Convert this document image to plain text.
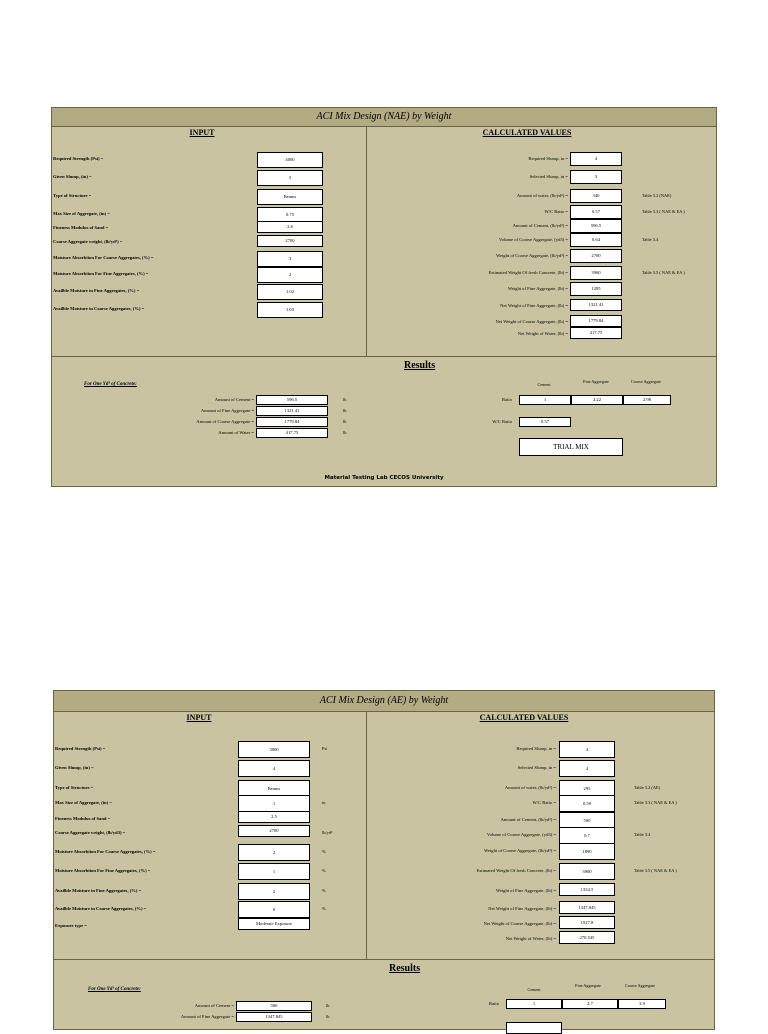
ACI Mix Design (NAE) by Weight
INPUT	CALCULATED VALUES
Required Strength (Psi) =	4000
Given Slump, (in) =	3
Type of Structure =	Beams
Max Size of Aggregate, (in) =	0.75
Fineness Modulus of Sand =	2.6
Coarse Aggregate weight, (lb/yd³) =	2700
Moisture Absorbtion For Coarse Aggregates, (%) =	3
Moisture Absorbtion For Fine Aggregates, (%) =	2
Availble Moisture in Fine Aggregates, (%) =	1.02
Availble Moisture in Coarse Aggregates, (%) =	1.03
Required Slump, in =	4
Selected Slump, in =	3
Amount of water, (lb/yd³) =	340	Table 3.2 (NAE)
W/C Ratio =	0.57	Table 3.3 ( NAE & EA )
Amount of Cement, (lb/yd³) =	596.5
Volume of Coarse Aggregate, (yd3) =	0.64	Table 3.4
Weight of Coarse Aggregate, (lb/yd³) =	2700
Estimated Weight Of fresh Concrete, (lb) =	3960	Table 3.5 ( NAE & EA )
Weight of Fine Aggregate, (lb) =	1295
Net Weight of Fine Aggregate, (lb) =	1321.41
Net Weight of Coarse Aggregate, (lb) =	1779.84
Net Weight of Water, (lb) =	417.75
Results
For One Yd³ of Concrete:
Amount of Cement =	596.5	lb
Amount of Fine Aggregate =	1321.41	lb
Amount of Coarse Aggregate =	1779.84	lb
Amount of Water =	417.75	lb
Cement
Fine Aggregate	Coarse Aggregate
Ratio	1	2.22	2.98
W/C Ratio	0.57
TRIAL MIX
Material Testing Lab CECOS University
ACI Mix Design (AE) by Weight
INPUT	CALCULATED VALUES
Required Strength (Psi) =	3000	Psi
Given Slump, (in) =	4
Type of Structure =	Beams
Max Size of Aggregate, (in) =	1	in
Fineness Modulus of Sand =	2.5
Coarse Aggregate weight, (lb/yd3) =	2700	lb/yd³
Moisture Absorbtion For Coarse Aggregates, (%) =	2	%
Moisture Absorbtion For Fine Aggregates, (%) =	1	%
Availble Moisture in Fine Aggregates, (%) =	2	%
Availble Moisture in Coarse Aggregates, (%) =	0	%
Exposure type =	Moderate Exposure
Required Slump, in =	4
Selected Slump, in =	4
Amount of water, (lb/yd³) =	295	Table 3.2 (AE)
W/C Ratio =	0.59	Table 3.3 ( NAE & EA )
Amount of Cement, (lb/yd³) =	500
Volume of Coarse Aggregate, (yd3) =	0.7	Table 3.4
Weight of Coarse Aggregate, (lb/yd³) =	1890
Estimated Weight Of fresh Concrete, (lb) =	3900	Table 3.5 ( NAE & EA )
Weight of Fine Aggregate, (lb) =	1334.5
Net Weight of Fine Aggregate, (lb) =	1347.845
Net Weight of Coarse Aggregate, (lb) =	1927.8
Net Weight of Water, (lb) =	270.545
Results
For One Yd³ of Concrete:
Amount of Cement =	500	lb
Amount of Fine Aggregate =	1347.845	lb
Cement
Fine Aggregate	Coarse Aggregate
Ratio	1	2.7	3.9
